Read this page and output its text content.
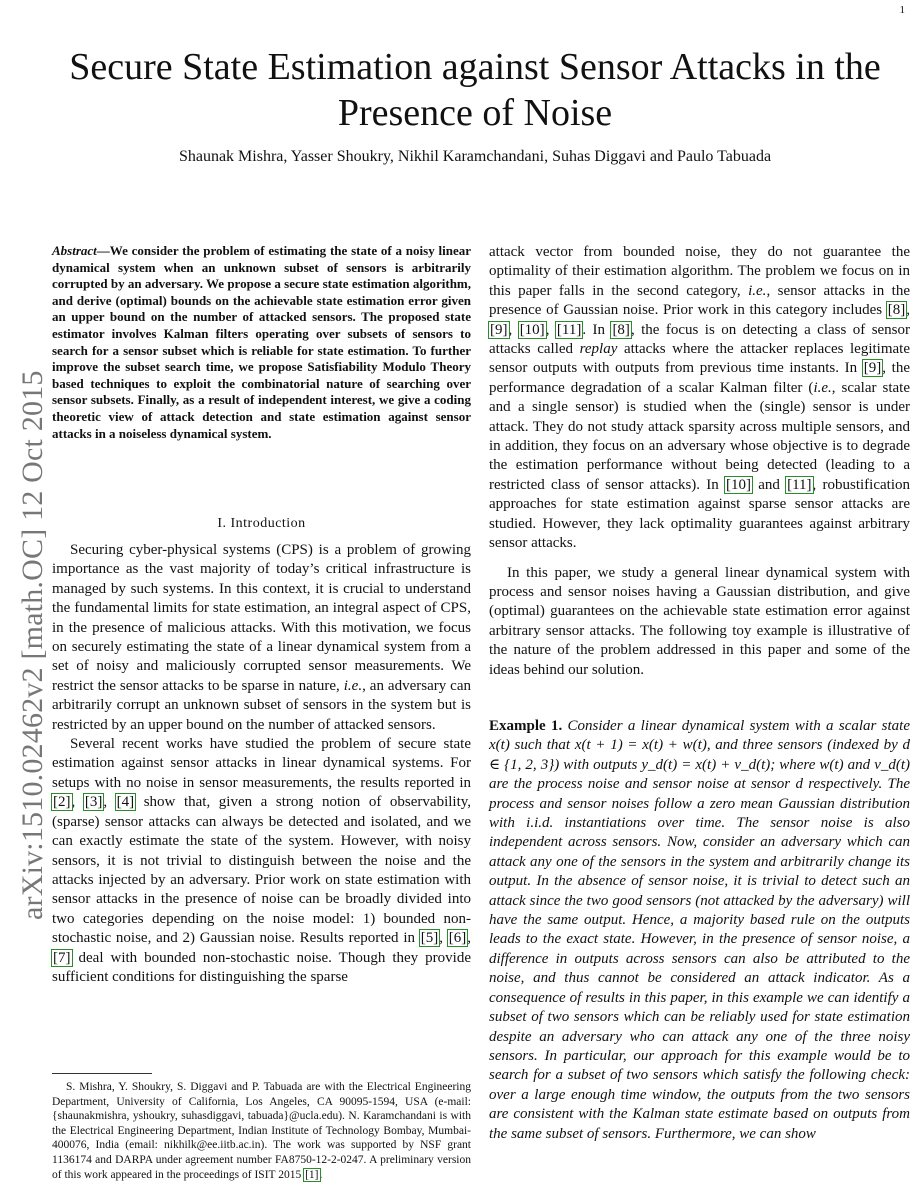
1
arXiv:1510.02462v2 [math.OC] 12 Oct 2015
Secure State Estimation against Sensor Attacks in the Presence of Noise
Shaunak Mishra, Yasser Shoukry, Nikhil Karamchandani, Suhas Diggavi and Paulo Tabuada
Abstract—We consider the problem of estimating the state of a noisy linear dynamical system when an unknown subset of sensors is arbitrarily corrupted by an adversary. We propose a secure state estimation algorithm, and derive (optimal) bounds on the achievable state estimation error given an upper bound on the number of attacked sensors. The proposed state estimator involves Kalman filters operating over subsets of sensors to search for a sensor subset which is reliable for state estimation. To further improve the subset search time, we propose Satisfiability Modulo Theory based techniques to exploit the combinatorial nature of searching over sensor subsets. Finally, as a result of independent interest, we give a coding theoretic view of attack detection and state estimation against sensor attacks in a noiseless dynamical system.
I. Introduction

Securing cyber-physical systems (CPS) is a problem of growing importance as the vast majority of today’s critical infrastructure is managed by such systems. In this context, it is crucial to understand the fundamental limits for state estimation, an integral aspect of CPS, in the presence of malicious attacks. With this motivation, we focus on securely estimating the state of a linear dynamical system from a set of noisy and maliciously corrupted sensor measurements. We restrict the sensor attacks to be sparse in nature, i.e., an adversary can arbitrarily corrupt an unknown subset of sensors in the system but is restricted by an upper bound on the number of attacked sensors.

Several recent works have studied the problem of secure state estimation against sensor attacks in linear dynamical systems. For setups with no noise in sensor measurements, the results reported in [2], [3], [4] show that, given a strong notion of observability, (sparse) sensor attacks can always be detected and isolated, and we can exactly estimate the state of the system. However, with noisy sensors, it is not trivial to distinguish between the noise and the attacks injected by an adversary. Prior work on state estimation with sensor attacks in the presence of noise can be broadly divided into two categories depending on the noise model: 1) bounded non-stochastic noise, and 2) Gaussian noise. Results reported in [5], [6], [7] deal with bounded non-stochastic noise. Though they provide sufficient conditions for distinguishing the sparse

S. Mishra, Y. Shoukry, S. Diggavi and P. Tabuada are with the Electrical Engineering Department, University of California, Los Angeles, CA 90095-1594, USA (e-mail: {shaunakmishra, yshoukry, suhasdiggavi, tabuada}@ucla.edu). N. Karamchandani is with the Electrical Engineering Department, Indian Institute of Technology Bombay, Mumbai-400076, India (email: nikhilk@ee.iitb.ac.in). The work was supported by NSF grant 1136174 and DARPA under agreement number FA8750-12-2-0247. A preliminary version of this work appeared in the proceedings of ISIT 2015 [1].

attack vector from bounded noise, they do not guarantee the optimality of their estimation algorithm. The problem we focus on in this paper falls in the second category, i.e., sensor attacks in the presence of Gaussian noise. Prior work in this category includes [8], [9], [10], [11]. In [8], the focus is on detecting a class of sensor attacks called replay attacks where the attacker replaces legitimate sensor outputs with outputs from previous time instants. In [9], the performance degradation of a scalar Kalman filter (i.e., scalar state and a single sensor) is studied when the (single) sensor is under attack. They do not study attack sparsity across multiple sensors, and in addition, they focus on an adversary whose objective is to degrade the estimation performance without being detected (leading to a restricted class of sensor attacks). In [10] and [11], robustification approaches for state estimation against sparse sensor attacks are studied. However, they lack optimality guarantees against arbitrary sensor attacks.

In this paper, we study a general linear dynamical system with process and sensor noises having a Gaussian distribution, and give (optimal) guarantees on the achievable state estimation error against arbitrary sensor attacks. The following toy example is illustrative of the nature of the problem addressed in this paper and some of the ideas behind our solution.

Example 1. Consider a linear dynamical system with a scalar state x(t) such that x(t + 1) = x(t) + w(t), and three sensors (indexed by d ∈ {1, 2, 3}) with outputs y_d(t) = x(t) + v_d(t); where w(t) and v_d(t) are the process noise and sensor noise at sensor d respectively. The process and sensor noises follow a zero mean Gaussian distribution with i.i.d. instantiations over time. The sensor noise is also independent across sensors. Now, consider an adversary which can attack any one of the sensors in the system and arbitrarily change its output. In the absence of sensor noise, it is trivial to detect such an attack since the two good sensors (not attacked by the adversary) will have the same output. Hence, a majority based rule on the outputs leads to the exact state. However, in the presence of sensor noise, a difference in outputs across sensors can also be attributed to the noise, and thus cannot be considered an attack indicator. As a consequence of results in this paper, in this example we can identify a subset of two sensors which can be reliably used for state estimation despite an adversary who can attack any one of the three noisy sensors. In particular, our approach for this example would be to search for a subset of two sensors which satisfy the following check: over a large enough time window, the outputs from the two sensors are consistent with the Kalman state estimate based on outputs from the same subset of sensors. Furthermore, we can show
